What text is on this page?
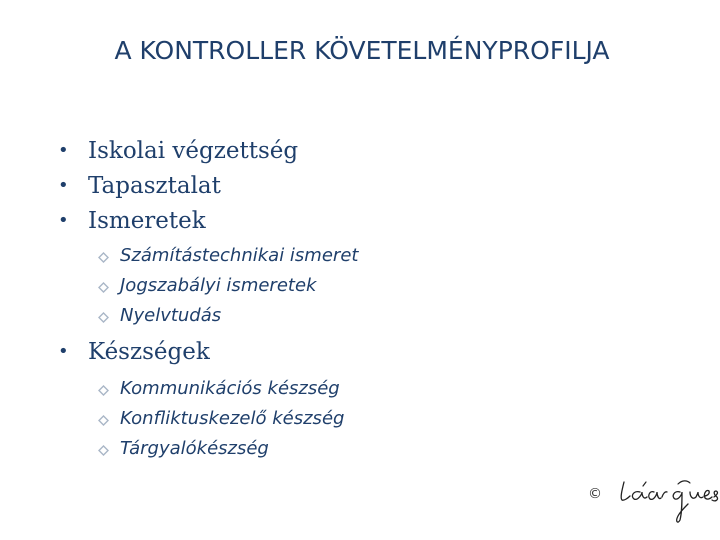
A KONTROLLER KÖVETELMÉNYPROFILJA
• Iskolai végzettség
• Tapasztalat
• Ismeretek
Számítástechnikai ismeret
Jogszabályi ismeretek
Nyelvtudás
• Készségek
Kommunikációs készség
Konfliktuskezelő készség
Tárgyalókészség
©
